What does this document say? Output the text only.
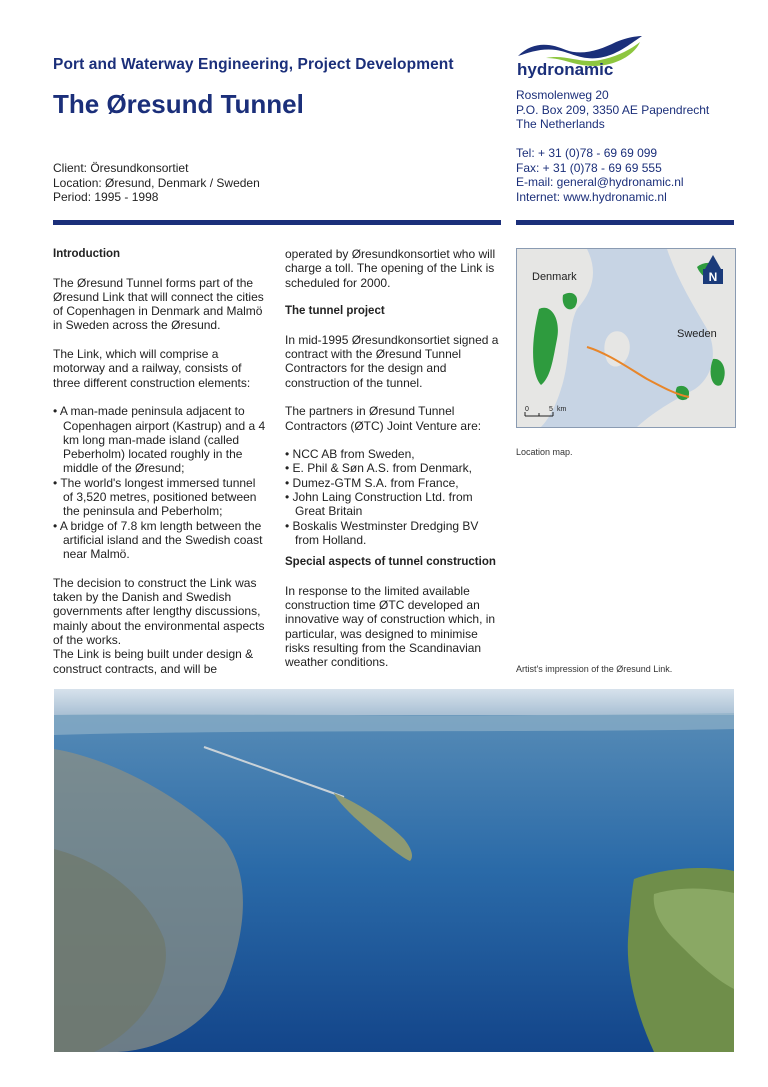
Port and Waterway Engineering, Project Development
The Øresund Tunnel
Client: Öresundkonsortiet
Location: Øresund, Denmark / Sweden
Period: 1995 - 1998
hydronamic
Rosmolenweg 20
P.O. Box 209, 3350 AE Papendrecht
The Netherlands
Tel: + 31 (0)78 - 69 69 099
Fax: + 31 (0)78 - 69 69 555
E-mail: general@hydronamic.nl
Internet: www.hydronamic.nl
Introduction

The Øresund Tunnel forms part of the Øresund Link that will connect the cities of Copenhagen in Denmark and Malmö in Sweden across the Øresund.

The Link, which will comprise a motorway and a railway, consists of three different construction elements:

• A man-made peninsula adjacent to Copenhagen airport (Kastrup) and a 4 km long man-made island (called Peberholm) located roughly in the middle of the Øresund;
• The world's longest immersed tunnel of 3,520 metres, positioned between the peninsula and Peberholm;
• A bridge of 7.8 km length between the artificial island and the Swedish coast near Malmö.

The decision to construct the Link was taken by the Danish and Swedish governments after lengthy discussions, mainly about the environmental aspects of the works.

The Link is being built under design & construct contracts, and will be

operated by Øresundkonsortiet who will charge a toll. The opening of the Link is scheduled for 2000.

The tunnel project

In mid-1995 Øresundkonsortiet signed a contract with the Øresund Tunnel Contractors for the design and construction of the tunnel.

The partners in Øresund Tunnel Contractors (ØTC) Joint Venture are:

• NCC AB from Sweden,
• E. Phil & Søn A.S. from Denmark,
• Dumez-GTM S.A. from France,
• John Laing Construction Ltd. from Great Britain
• Boskalis Westminster Dredging BV from Holland.
Special aspects of tunnel construction

In response to the limited available construction time ØTC developed an innovative way of construction which, in particular, was designed to minimise risks resulting from the Scandinavian weather conditions.

N
Denmark
Sweden
0	5 km
Location map.
Artist's impression of the Øresund Link.
